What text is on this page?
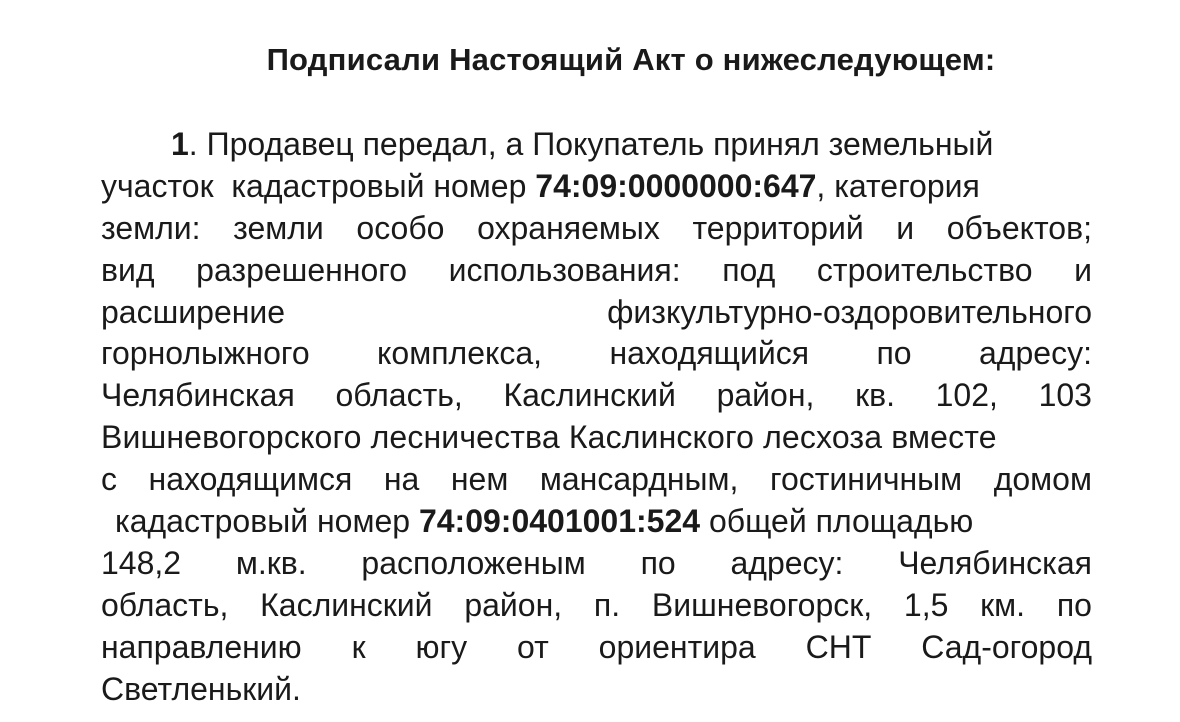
Подписали Настоящий Акт о нижеследующем:
1. Продавец передал, а Покупатель принял земельный
участок  кадастровый номер 74:09:0000000:647, категория
земли: земли особо охраняемых территорий и объектов;
вид разрешенного использования: под строительство и
расширение	физкультурно-оздоровительного
горнолыжного комплекса, находящийся по адресу:
Челябинская область, Каслинский район, кв. 102, 103
Вишневогорского лесничества Каслинского лесхоза вместе
с находящимся на нем мансардным, гостиничным домом
кадастровый номер 74:09:0401001:524 общей площадью
148,2 м.кв. расположеным по адресу: Челябинская
область, Каслинский район, п. Вишневогорск, 1,5 км. по
направлению к югу от ориентира СНТ Сад-огород
Светленький.
